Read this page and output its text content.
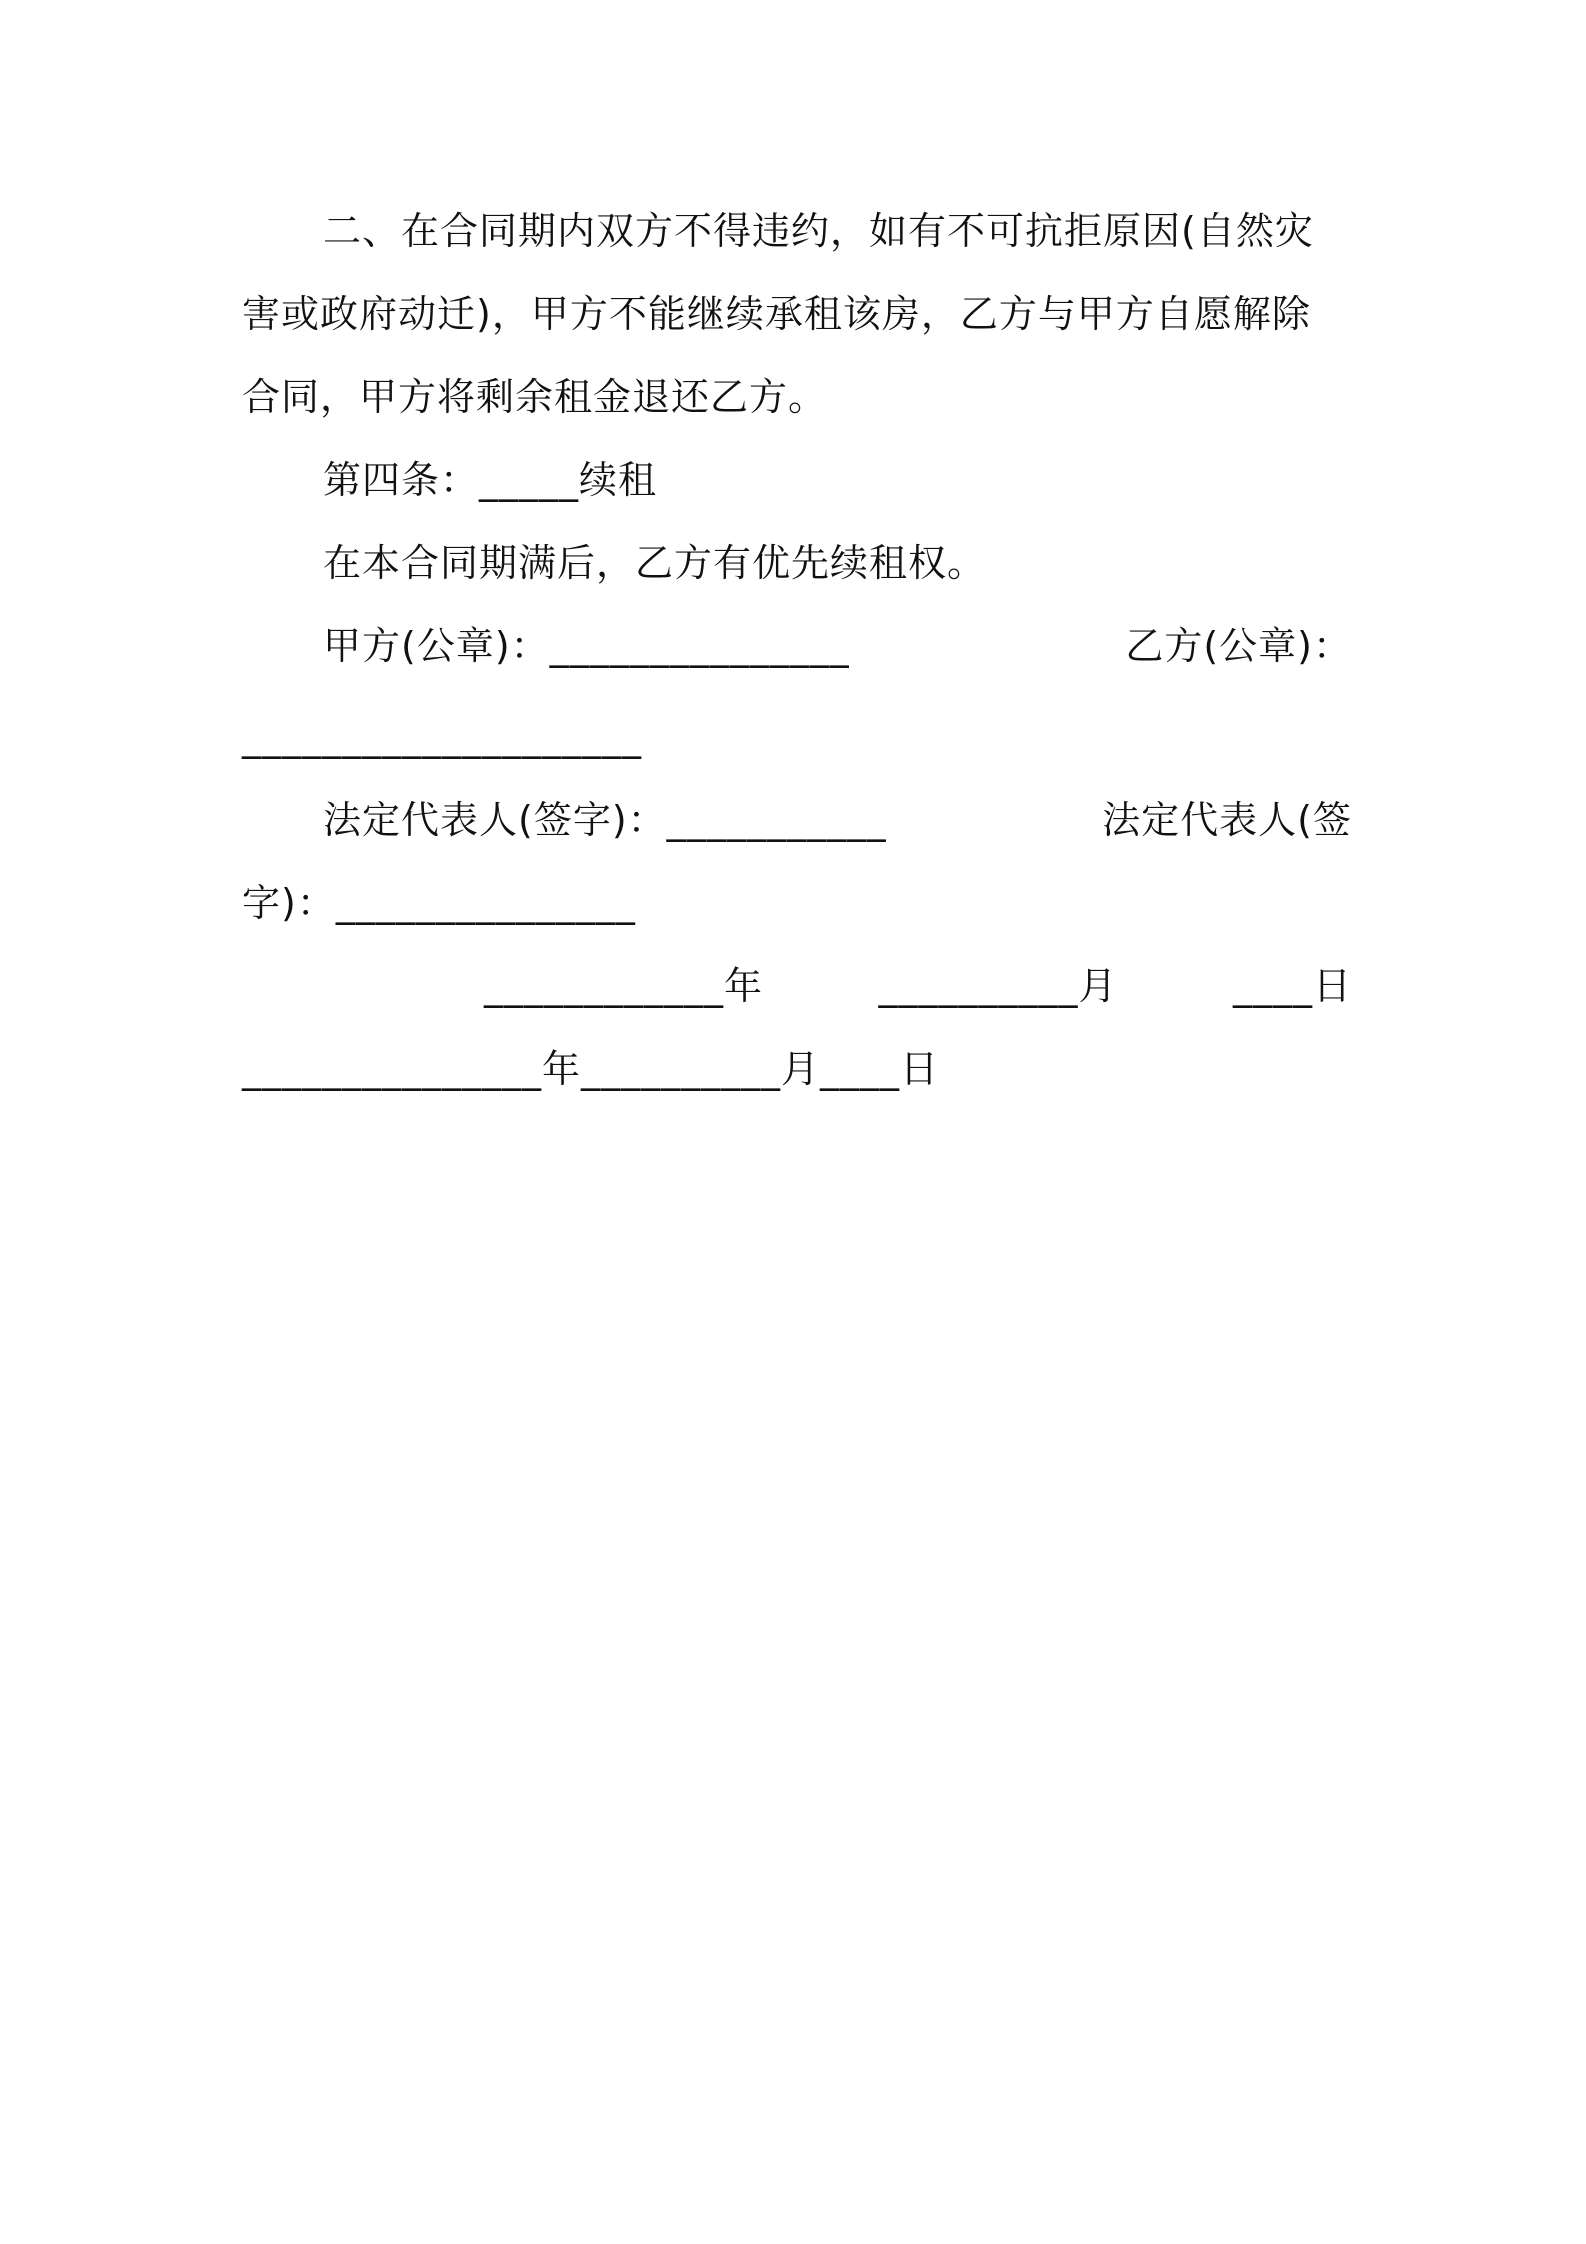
二、在合同期内双方不得违约，如有不可抗拒原因(自然灾
害或政府动迁)，甲方不能继续承租该房，乙方与甲方自愿解除
合同，甲方将剩余租金退还乙方。
第四条：_____续租
在本合同期满后，乙方有优先续租权。
甲方(公章)：_______________	乙方(公章)：
____________________
法定代表人(签字)：___________	法定代表人(签
字)：_______________
____________年	__________月	____日
_______________年__________月____日
